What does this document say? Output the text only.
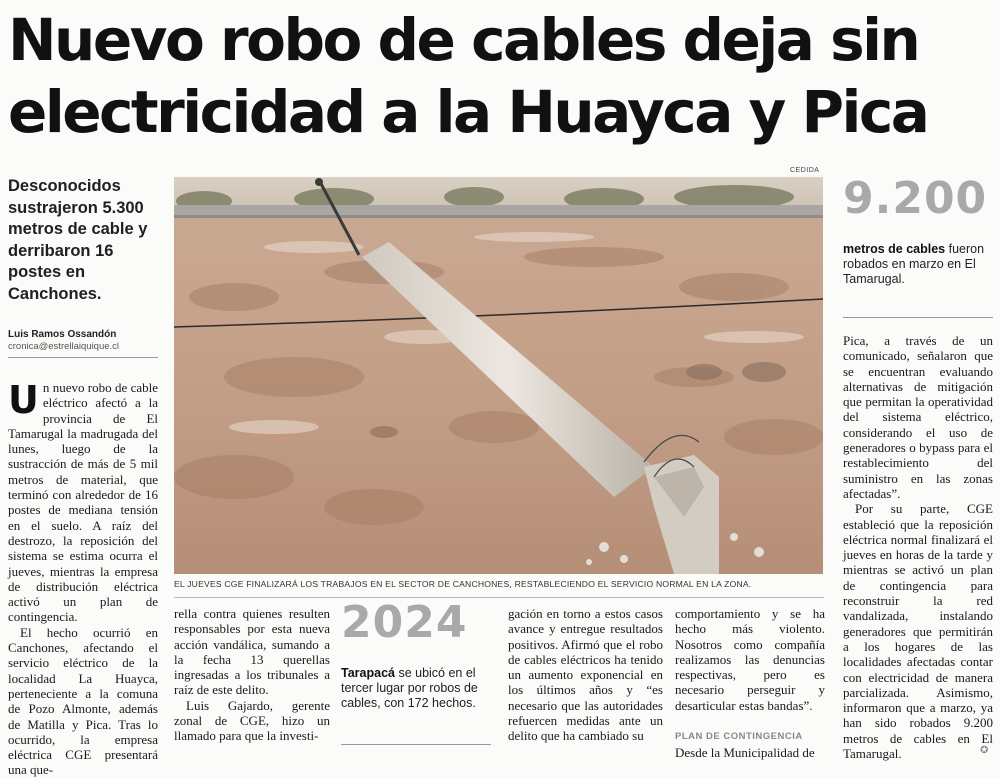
Nuevo robo de cables deja sin
electricidad a la Huayca y Pica
Desconocidos sustrajeron 5.300 metros de cable y derribaron 16 postes en Canchones.
Luis Ramos Ossandón
cronica@estrellaiquique.cl
U n nuevo robo de cable eléctrico afectó a la provincia de El Tamarugal la madrugada del lunes, luego de la sustracción de más de 5 mil metros de material, que terminó con alrededor de 16 postes de mediana tensión en el suelo. A raíz del destrozo, la reposición del sistema se estima ocurra el jueves, mientras la empresa de distribución eléctrica activó un plan de contingencia.

El hecho ocurrió en Canchones, afectando el servicio eléctrico de la localidad La Huayca, perteneciente a la comuna de Pozo Almonte, además de Matilla y Pica. Tras lo ocurrido, la empresa eléctrica CGE presentará una que-

CEDIDA
EL JUEVES CGE FINALIZARÁ LOS TRABAJOS EN EL SECTOR DE CANCHONES, RESTABLECIENDO EL SERVICIO NORMAL EN LA ZONA.

rella contra quienes resulten responsables por esta nueva acción vandálica, sumando a la fecha 13 querellas ingresadas a los tribunales a raíz de este delito.

Luis Gajardo, gerente zonal de CGE, hizo un llamado para que la investi-

2024
Tarapacá se ubicó en el tercer lugar por robos de cables, con 172 hechos.

gación en torno a estos casos avance y entregue resultados positivos. Afirmó que el robo de cables eléctricos ha tenido un aumento exponencial en los últimos años y “es necesario que las autoridades refuercen medidas ante un delito que ha cambiado su

comportamiento y se ha hecho más violento. Nosotros como compañía realizamos las denuncias respectivas, pero es necesario perseguir y desarticular estas bandas”.

PLAN DE CONTINGENCIA

Desde la Municipalidad de

9.200
metros de cables fueron robados en marzo en El Tamarugal.

Pica, a través de un comunicado, señalaron que se encuentran evaluando alternativas de mitigación que permitan la operatividad del sistema eléctrico, considerando el uso de generadores o bypass para el restablecimiento del suministro en las zonas afectadas”.

Por su parte, CGE estableció que la reposición eléctrica normal finalizará el jueves en horas de la tarde y mientras se activó un plan de contingencia para reconstruir la red vandalizada, instalando generadores que permitirán a los hogares de las localidades afectadas contar con electricidad de manera parcializada. Asimismo, informaron que a marzo, ya han sido robados 9.200 metros de cables en El Tamarugal.	✪
